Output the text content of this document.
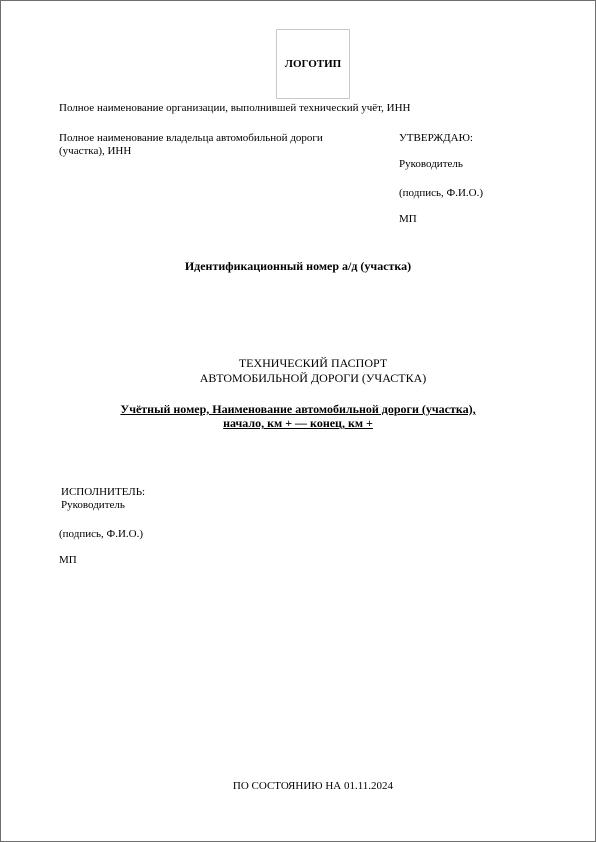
ЛОГОТИП
Полное наименование организации, выполнившей технический учёт, ИНН
Полное наименование владельца автомобильной дороги (участка), ИНН
УТВЕРЖДАЮ:
Руководитель
(подпись, Ф.И.О.)
МП
Идентификационный номер а/д (участка)
ТЕХНИЧЕСКИЙ ПАСПОРТ
АВТОМОБИЛЬНОЙ ДОРОГИ (УЧАСТКА)
Учётный номер, Наименование автомобильной дороги (участка),
начало, км + — конец, км +
ИСПОЛНИТЕЛЬ:
Руководитель
(подпись, Ф.И.О.)
МП
ПО СОСТОЯНИЮ НА 01.11.2024
